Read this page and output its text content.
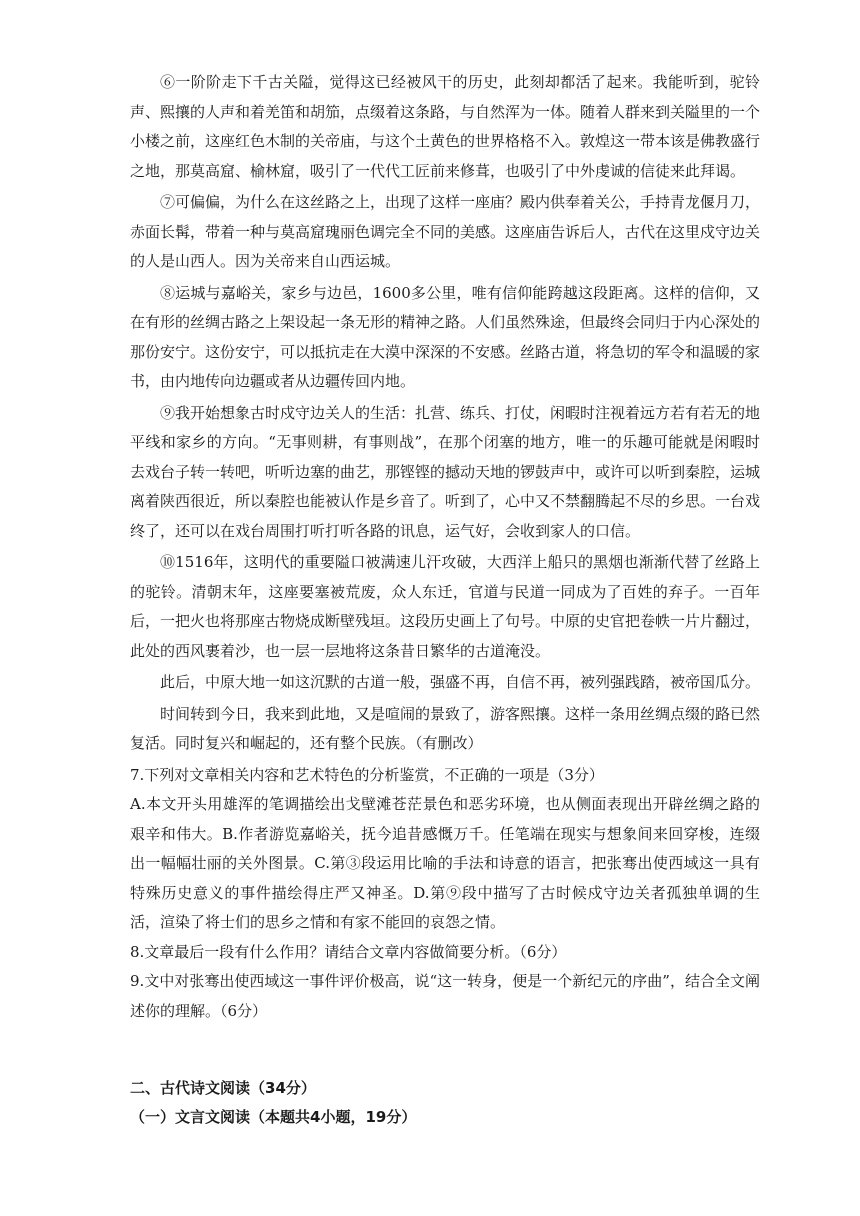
⑥一阶阶走下千古关隘，觉得这已经被风干的历史，此刻却都活了起来。我能听到，驼铃声、熙攘的人声和着羌笛和胡笳，点缀着这条路，与自然浑为一体。随着人群来到关隘里的一个小楼之前，这座红色木制的关帝庙，与这个土黄色的世界格格不入。敦煌这一带本该是佛教盛行之地，那莫高窟、榆林窟，吸引了一代代工匠前来修葺，也吸引了中外虔诚的信徒来此拜谒。

⑦可偏偏，为什么在这丝路之上，出现了这样一座庙？殿内供奉着关公，手持青龙偃月刀，赤面长髯，带着一种与莫高窟瑰丽色调完全不同的美感。这座庙告诉后人，古代在这里戍守边关的人是山西人。因为关帝来自山西运城。

⑧运城与嘉峪关，家乡与边邑，1600多公里，唯有信仰能跨越这段距离。这样的信仰，又在有形的丝绸古路之上架设起一条无形的精神之路。人们虽然殊途，但最终会同归于内心深处的那份安宁。这份安宁，可以抵抗走在大漠中深深的不安感。丝路古道，将急切的军令和温暖的家书，由内地传向边疆或者从边疆传回内地。

⑨我开始想象古时戍守边关人的生活：扎营、练兵、打仗，闲暇时注视着远方若有若无的地平线和家乡的方向。“无事则耕，有事则战”，在那个闭塞的地方，唯一的乐趣可能就是闲暇时去戏台子转一转吧，听听边塞的曲艺，那铿铿的撼动天地的锣鼓声中，或许可以听到秦腔，运城离着陕西很近，所以秦腔也能被认作是乡音了。听到了，心中又不禁翻腾起不尽的乡思。一台戏终了，还可以在戏台周围打听打听各路的讯息，运气好，会收到家人的口信。

⑩1516年，这明代的重要隘口被满速儿汗攻破，大西洋上船只的黑烟也渐渐代替了丝路上的驼铃。清朝末年，这座要塞被荒废，众人东迁，官道与民道一同成为了百姓的弃子。一百年后，一把火也将那座古物烧成断壁残垣。这段历史画上了句号。中原的史官把卷帙一片片翻过，此处的西风裹着沙，也一层一层地将这条昔日繁华的古道淹没。

此后，中原大地一如这沉默的古道一般，强盛不再，自信不再，被列强践踏，被帝国瓜分。

时间转到今日，我来到此地，又是喧闹的景致了，游客熙攘。这样一条用丝绸点缀的路已然复活。同时复兴和崛起的，还有整个民族。（有删改）

7.下列对文章相关内容和艺术特色的分析鉴赏，不正确的一项是（3分）

A.本文开头用雄浑的笔调描绘出戈壁滩苍茫景色和恶劣环境，也从侧面表现出开辟丝绸之路的艰辛和伟大。B.作者游览嘉峪关，抚今追昔感慨万千。任笔端在现实与想象间来回穿梭，连缀出一幅幅壮丽的关外图景。C.第③段运用比喻的手法和诗意的语言，把张骞出使西域这一具有特殊历史意义的事件描绘得庄严又神圣。D.第⑨段中描写了古时候戍守边关者孤独单调的生活，渲染了将士们的思乡之情和有家不能回的哀怨之情。

8.文章最后一段有什么作用？请结合文章内容做简要分析。（6分）

9.文中对张骞出使西域这一事件评价极高，说“这一转身，便是一个新纪元的序曲”，结合全文阐述你的理解。（6分）

二、古代诗文阅读（34分）
（一）文言文阅读（本题共4小题，19分）
